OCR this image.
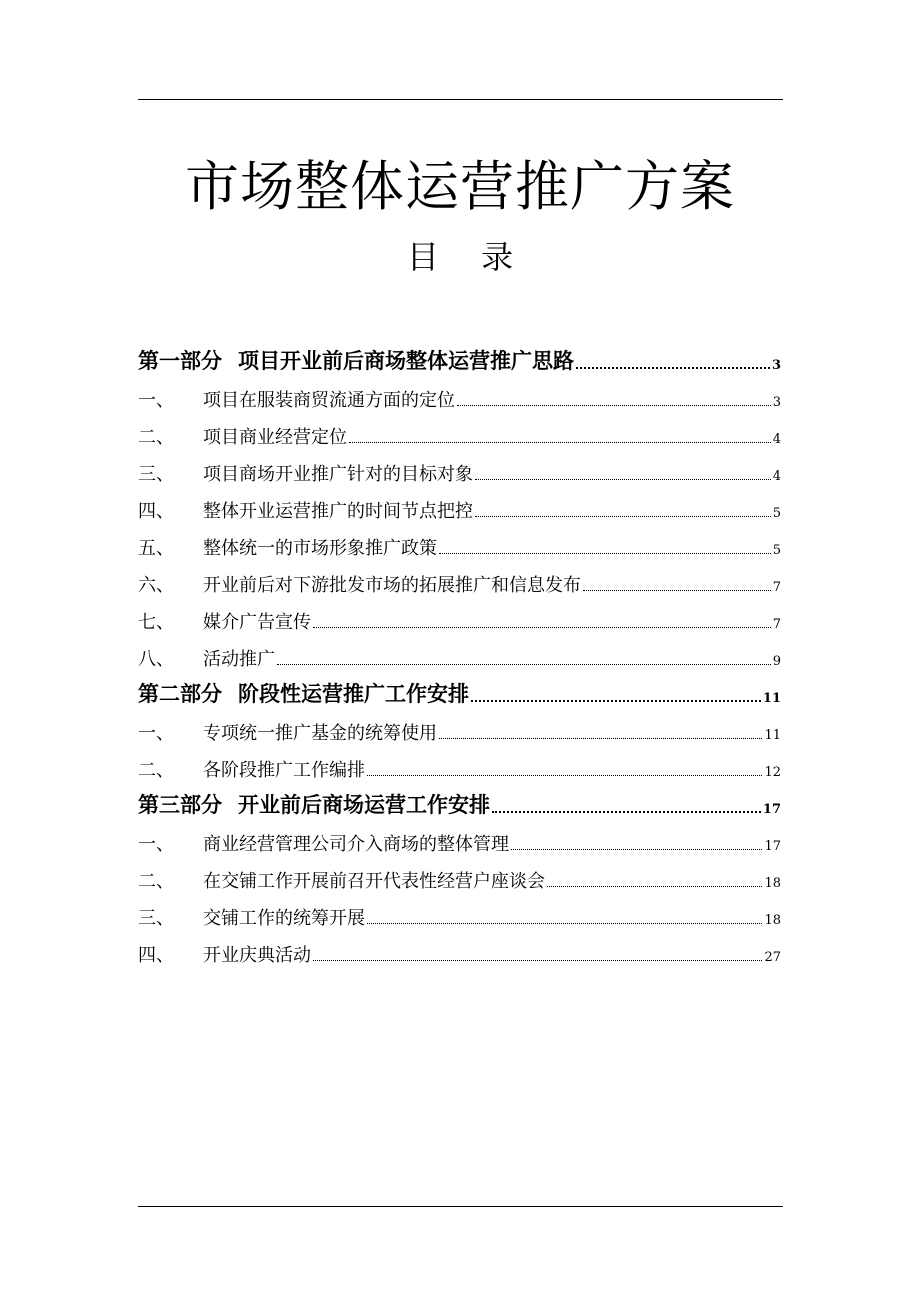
市场整体运营推广方案
目 录
第一部分 项目开业前后商场整体运营推广思路	3
一、	项目在服装商贸流通方面的定位	3
二、	项目商业经营定位	4
三、	项目商场开业推广针对的目标对象	4
四、	整体开业运营推广的时间节点把控	5
五、	整体统一的市场形象推广政策	5
六、	开业前后对下游批发市场的拓展推广和信息发布	7
七、	媒介广告宣传	7
八、	活动推广	9
第二部分 阶段性运营推广工作安排	11
一、	专项统一推广基金的统筹使用	11
二、	各阶段推广工作编排	12
第三部分 开业前后商场运营工作安排	17
一、	商业经营管理公司介入商场的整体管理	17
二、	在交铺工作开展前召开代表性经营户座谈会	18
三、	交铺工作的统筹开展	18
四、	开业庆典活动	27
